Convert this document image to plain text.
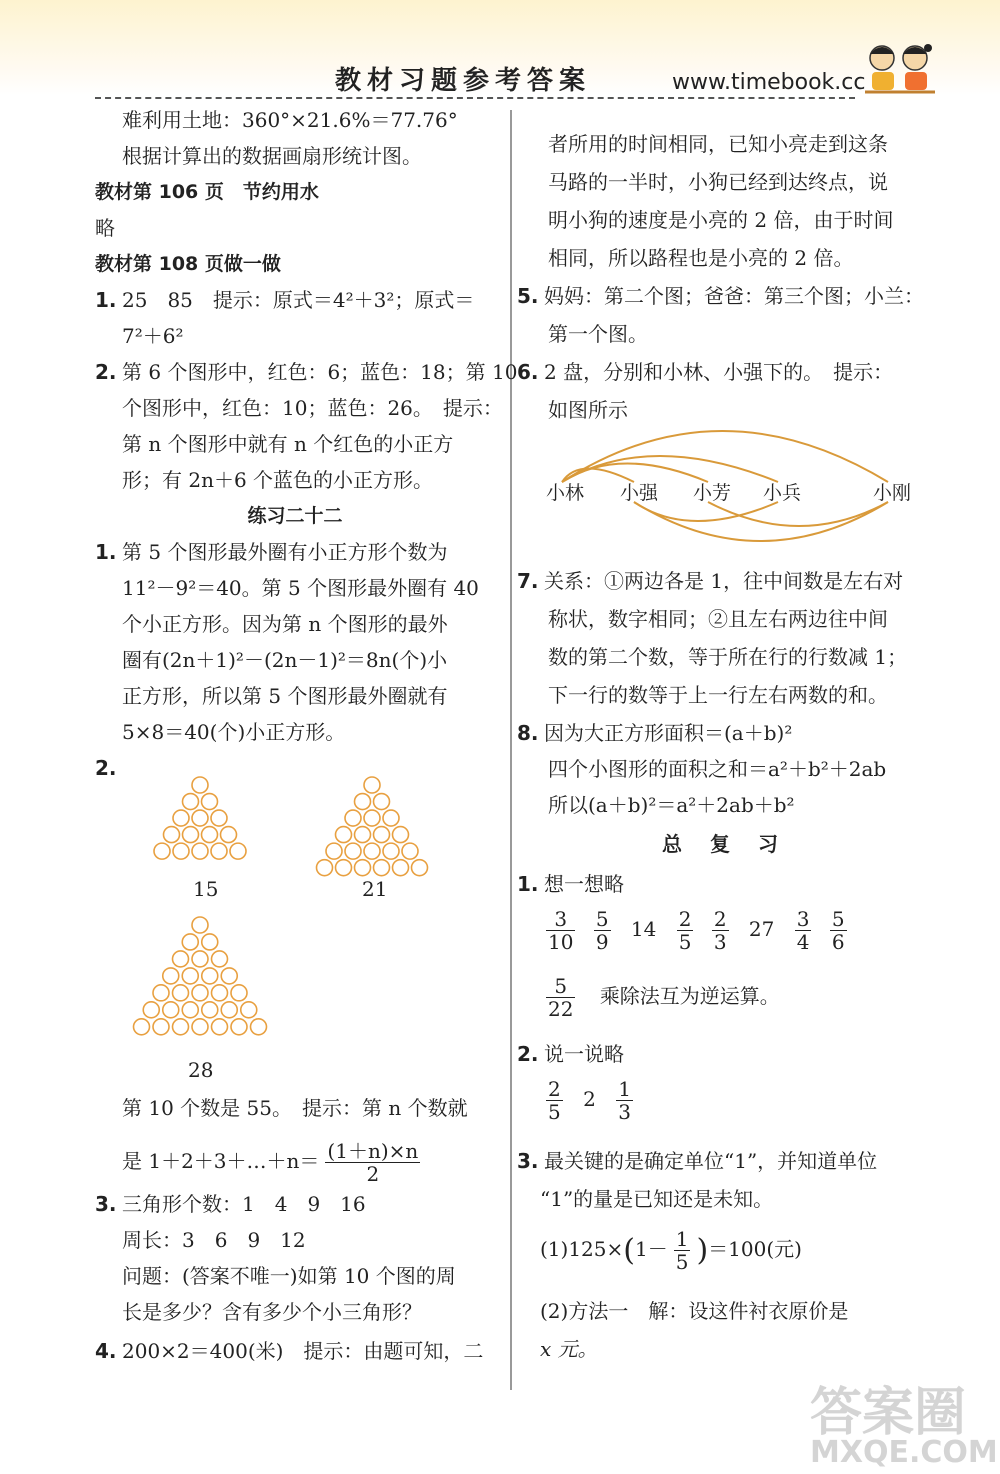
教材习题参考答案	www.timebook.cc
难利用土地：360°×21.6%＝77.76°
根据计算出的数据画扇形统计图。
教材第 106 页　节约用水
略
教材第 108 页做一做
1. 25　85　提示：原式＝4²＋3²；原式＝
7²＋6²
2. 第 6 个图形中，红色：6；蓝色：18；第 10
个图形中，红色：10；蓝色：26。　提示：
第 n 个图形中就有 n 个红色的小正方
形；有 2n＋6 个蓝色的小正方形。
练习二十二
1. 第 5 个图形最外圈有小正方形个数为
11²－9²＝40。第 5 个图形最外圈有 40
个小正方形。因为第 n 个图形的最外
圈有(2n＋1)²－(2n－1)²＝8n(个)小
正方形，所以第 5 个图形最外圈就有
5×8＝40(个)小正方形。
2.
15	21
28
第 10 个数是 55。　提示：第 n 个数就
是 1＋2＋3＋…＋n＝ $\frac{(1+n)\times n}{2}$
3. 三角形个数：1　4　9　16
周长：3　6　9　12
问题：(答案不唯一)如第 10 个图的周
长是多少？含有多少个小三角形？
4. 200×2＝400(米)　提示：由题可知，二
者所用的时间相同，已知小亮走到这条
马路的一半时，小狗已经到达终点，说
明小狗的速度是小亮的 2 倍，由于时间
相同，所以路程也是小亮的 2 倍。
5. 妈妈：第二个图；爸爸：第三个图；小兰：
第一个图。
6. 2 盘，分别和小林、小强下的。　提示：
如图所示
小林 小强 小芳 小兵	小刚
7. 关系：①两边各是 1，往中间数是左右对
称状，数字相同；②且左右两边往中间
数的第二个数，等于所在行的行数减 1；
下一行的数等于上一行左右两数的和。
8. 因为大正方形面积＝(a＋b)²
四个小图形的面积之和＝a²＋b²＋2ab
所以(a＋b)²＝a²＋2ab＋b²
总　复　习
1. 想一想略
$\frac{3}{10}$
$\frac{5}{9} 14 \frac{2}{5}$
$\frac{2}{3} 27 \frac{3}{4}$
$\frac{5}{6}$
$\frac{5}{22}$ 乘除法互为逆运算。
2. 说一说略
$\frac{2}{5} 2 \frac{1}{3}$
3. 最关键的是确定单位“1”，并知道单位
“1”的量是已知还是未知。
$(1)125\times(1- \frac{1}{5} )=100$(元)
(2)方法一　解：设这件衬衣原价是
x 元。
答案圈
MXQE.COM
